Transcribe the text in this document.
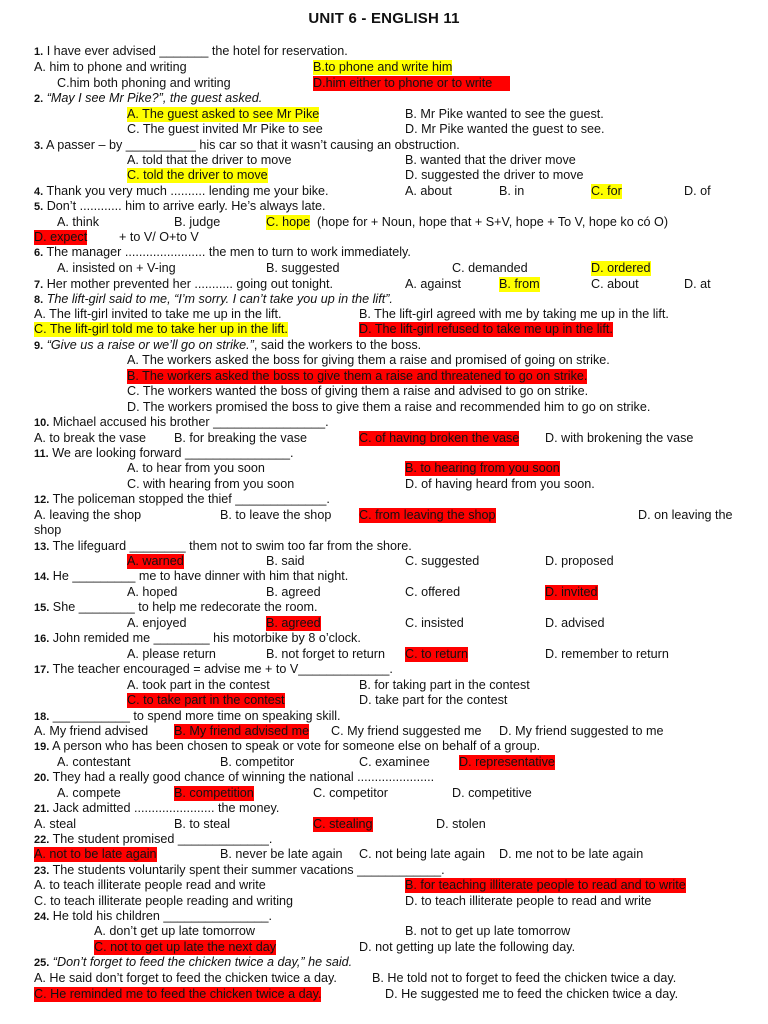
UNIT 6 - ENGLISH 11
1. I have ever advised _______ the hotel for reservation.
A. him to phone and writing	B.to phone and write him
C.him both phoning and writing	D.him either to phone or to write
2. “May I see Mr Pike?”, the guest asked.
A. The guest asked to see Mr Pike	B. Mr Pike wanted to see the guest.
C. The guest invited Mr Pike to see	D. Mr Pike wanted the guest to see.
3. A passer – by __________ his car so that it wasn’t causing an obstruction.
A. told that the driver to move	B. wanted that the driver move
C. told the driver to move	D. suggested the driver to move
4. Thank you very much .......... lending me your bike.	A. about	B. in	C. for	D. of
5. Don’t ............ him to arrive early. He’s always late.
A. think	B. judge	C. hope (hope for + Noun, hope that + S+V, hope + To V, hope ko có O)
D. expect	+ to V/ O+to V
6. The manager ....................... the men to turn to work immediately.
A. insisted on + V-ing	B. suggested	C. demanded	D. ordered
7. Her mother prevented her ........... going out tonight.	A. against	B. from	C. about	D. at
8. The lift-girl said to me, “I’m sorry. I can’t take you up in the lift”.
A. The lift-girl invited to take me up in the lift.	B. The lift-girl agreed with me by taking me up in the lift.
C. The lift-girl told me to take her up in the lift.	D. The lift-girl refused to take me up in the lift.
9. “Give us a raise or we’ll go on strike.”, said the workers to the boss.
A. The workers asked the boss for giving them a raise and promised of going on strike.
B. The workers asked the boss to give them a raise and threatened to go on strike.
C. The workers wanted the boss of giving them a raise and advised to go on strike.
D. The workers promised the boss to give them a raise and recommended him to go on strike.
10. Michael accused his brother ________________.
A. to break the vase B. for breaking the vase	C. of having broken the vase D. with brokening the vase
11. We are looking forward _______________.
A. to hear from you soon	B. to hearing from you soon
C. with hearing from you soon	D. of having heard from you soon.
12. The policeman stopped the thief _____________.
A. leaving the shop	B. to leave the shop C. from leaving the shop	D. on leaving the
shop
13. The lifeguard ________ them not to swim too far from the shore.
A. warned	B. said	C. suggested	D. proposed
14. He _________ me to have dinner with him that night.
A. hoped	B. agreed	C. offered	D. invited
15. She ________ to help me redecorate the room.
A. enjoyed	B. agreed	C. insisted	D. advised
16. John remided me ________ his motorbike by 8 o’clock.
A. please return	B. not forget to return C. to return	D. remember to return
17. The teacher encouraged = advise me + to V_____________.
A. took part in the contest	B. for taking part in the contest
C. to take part in the contest	D. take part for the contest
18. ___________ to spend more time on speaking skill.
A. My friend advised B. My friend advised me C. My friend suggested me D. My friend suggested to me
19. A person who has been chosen to speak or vote for someone else on behalf of a group.
A. contestant	B. competitor	C. examinee D. representative
20. They had a really good chance of winning the national ......................
A. compete	B. competition	C. competitor	D. competitive
21. Jack admitted ....................... the money.
A. steal	B. to steal	C. stealing	D. stolen
22. The student promised _____________.
A. not to be late again	B. never be late again C. not being late again D. me not to be late again
23. The students voluntarily spent their summer vacations ____________.
A. to teach illiterate people read and write	B. for teaching illiterate people to read and to write
C. to teach illiterate people reading and writing	D. to teach illiterate people to read and write
24. He told his children _______________.
A. don’t get up late tomorrow	B. not to get up late tomorrow
C. not to get up late the next day	D. not getting up late the following day.
25. “Don’t forget to feed the chicken twice a day,” he said.
A. He said don’t forget to feed the chicken twice a day.	B. He told not to forget to feed the chicken twice a day.
C. He reminded me to feed the chicken twice a day.	D. He suggested me to feed the chicken twice a day.
